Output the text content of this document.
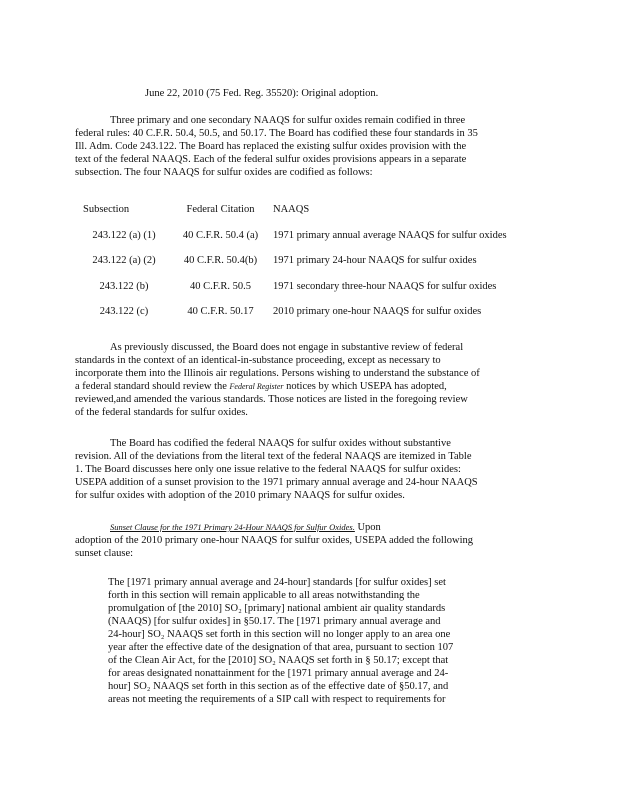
June 22, 2010 (75 Fed. Reg. 35520): Original adoption.
Three primary and one secondary NAAQS for sulfur oxides remain codified in three
federal rules: 40 C.F.R. 50.4, 50.5, and 50.17. The Board has codified these four standards in 35
Ill. Adm. Code 243.122. The Board has replaced the existing sulfur oxides provision with the
text of the federal NAAQS. Each of the federal sulfur oxides provisions appears in a separate
subsection. The four NAAQS for sulfur oxides are codified as follows:
Subsection	Federal Citation	NAAQS
243.122 (a) (1)	40 C.F.R. 50.4 (a)	1971 primary annual average NAAQS for sulfur oxides
243.122 (a) (2)	40 C.F.R. 50.4(b)	1971 primary 24-hour NAAQS for sulfur oxides
243.122 (b)	40 C.F.R. 50.5	1971 secondary three-hour NAAQS for sulfur oxides
243.122 (c)	40 C.F.R. 50.17	2010 primary one-hour NAAQS for sulfur oxides
As previously discussed, the Board does not engage in substantive review of federal
standards in the context of an identical-in-substance proceeding, except as necessary to
incorporate them into the Illinois air regulations. Persons wishing to understand the substance of
a federal standard should review the Federal Register notices by which USEPA has adopted,
reviewed,and amended the various standards. Those notices are listed in the foregoing review
of the federal standards for sulfur oxides.
The Board has codified the federal NAAQS for sulfur oxides without substantive
revision. All of the deviations from the literal text of the federal NAAQS are itemized in Table
1. The Board discusses here only one issue relative to the federal NAAQS for sulfur oxides:
USEPA addition of a sunset provision to the 1971 primary annual average and 24-hour NAAQS
for sulfur oxides with adoption of the 2010 primary NAAQS for sulfur oxides.
Sunset Clause for the 1971 Primary 24-Hour NAAQS for Sulfur Oxides. Upon
adoption of the 2010 primary one-hour NAAQS for sulfur oxides, USEPA added the following
sunset clause:
The [1971 primary annual average and 24-hour] standards [for sulfur oxides] set
forth in this section will remain applicable to all areas notwithstanding the
promulgation of [the 2010] SO₂ [primary] national ambient air quality standards
(NAAQS) [for sulfur oxides] in §50.17. The [1971 primary annual average and
24-hour] SO₂ NAAQS set forth in this section will no longer apply to an area one
year after the effective date of the designation of that area, pursuant to section 107
of the Clean Air Act, for the [2010] SO₂ NAAQS set forth in § 50.17; except that
for areas designated nonattainment for the [1971 primary annual average and 24-
hour] SO₂ NAAQS set forth in this section as of the effective date of §50.17, and
areas not meeting the requirements of a SIP call with respect to requirements for
